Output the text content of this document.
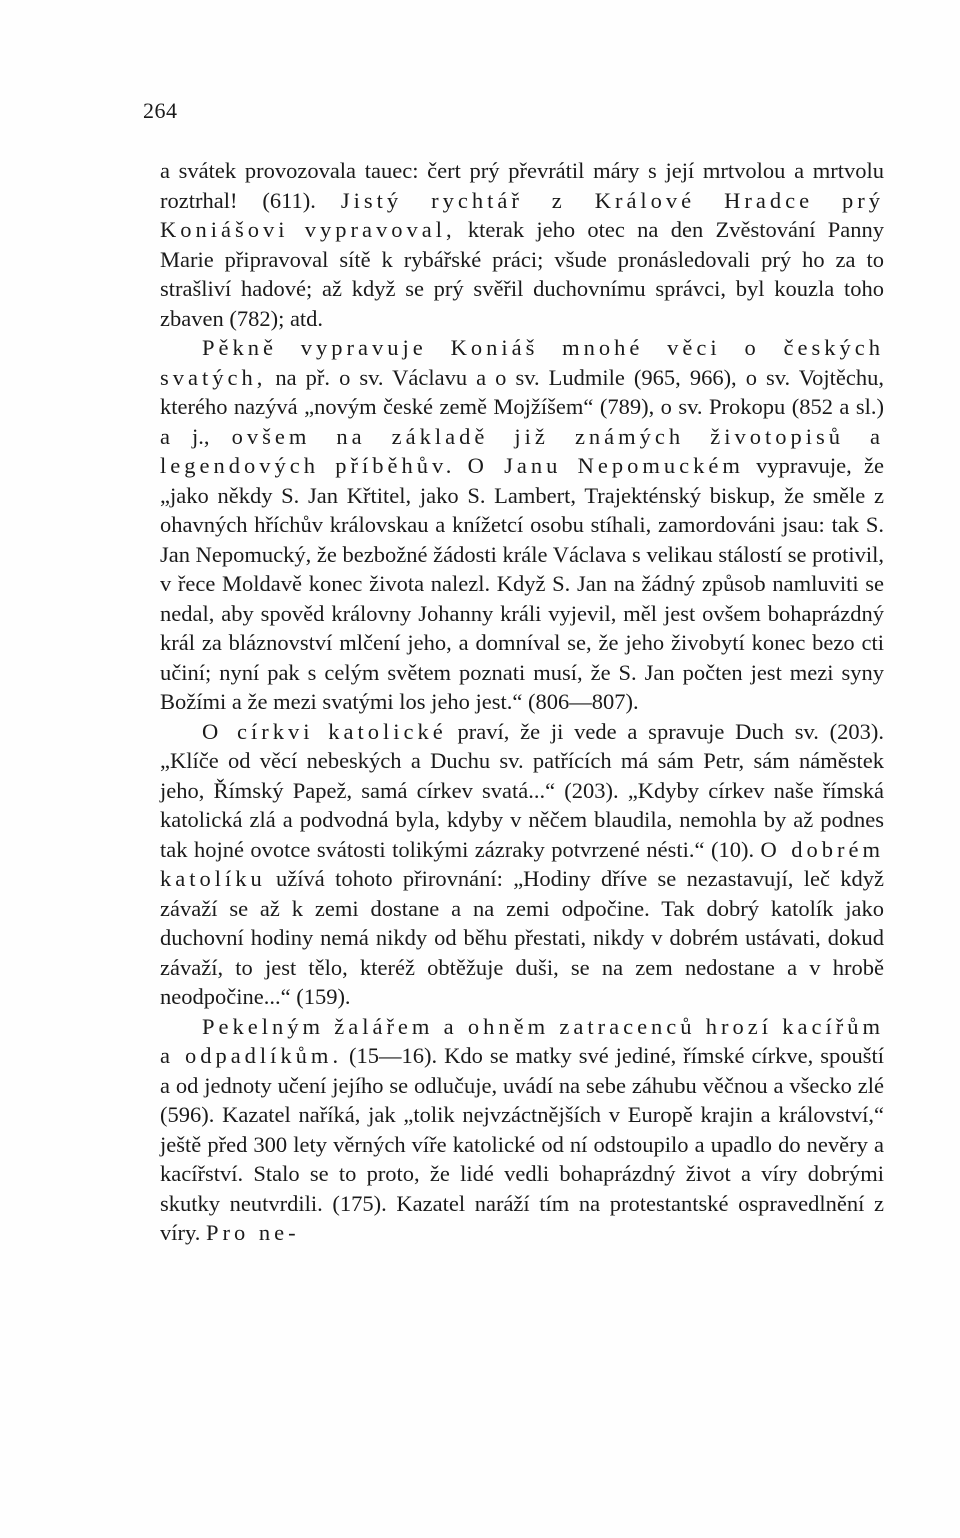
264

a svátek provozovala tauec: čert prý převrátil máry s její mrtvolou a mrtvolu roztrhal! (611). Jistý rychtář z Králové Hradce prý Koniášovi vypravoval, kterak jeho otec na den Zvěstování Panny Marie připravoval sítě k rybářské práci; všude pronásledovali prý ho za to strašliví hadové; až když se prý svěřil duchovnímu správci, byl kouzla toho zbaven (782); atd.

Pěkně vypravuje Koniáš mnohé věci o českých svatých, na př. o sv. Václavu a o sv. Ludmile (965, 966), o sv. Vojtěchu, kterého nazývá „novým české země Mojžíšem“ (789), o sv. Prokopu (852 a sl.) a j., ovšem na základě již známých životopisů a legendových příběhův. O Janu Nepomuckém vypravuje, že „jako někdy S. Jan Křtitel, jako S. Lambert, Trajekténský biskup, že směle z ohavných hříchův královskau a knížetcí osobu stíhali, zamordováni jsau: tak S. Jan Nepomucký, že bezbožné žádosti krále Václava s velikau stálostí se protivil, v řece Moldavě konec života nalezl. Když S. Jan na žádný způsob namluviti se nedal, aby spověd královny Johanny králi vyjevil, měl jest ovšem bohaprázdný král za bláznovství mlčení jeho, a domníval se, že jeho živobytí konec bezo cti učiní; nyní pak s celým světem poznati musí, že S. Jan počten jest mezi syny Božími a že mezi svatými los jeho jest.“ (806—807).

O církvi katolické praví, že ji vede a spravuje Duch sv. (203). „Klíče od věcí nebeských a Duchu sv. patřících má sám Petr, sám náměstek jeho, Římský Papež, samá církev svatá...“ (203). „Kdyby církev naše římská katolická zlá a podvodná byla, kdyby v něčem blaudila, nemohla by až podnes tak hojné ovotce svátosti tolikými zázraky potvrzené nésti.“ (10). O dobrém katolíku užívá tohoto přirovnání: „Hodiny dříve se nezastavují, leč když závaží se až k zemi dostane a na zemi odpočine. Tak dobrý katolík jako duchovní hodiny nemá nikdy od běhu přestati, nikdy v dobrém ustávati, dokud závaží, to jest tělo, kteréž obtěžuje duši, se na zem nedostane a v hrobě neodpočine...“ (159).

Pekelným žalářem a ohněm zatracenců hrozí kacířům a odpadlíkům. (15—16). Kdo se matky své jediné, římské církve, spouští a od jednoty učení jejího se odlučuje, uvádí na sebe záhubu věčnou a všecko zlé (596). Kazatel naříká, jak „tolik nejvzáctnějších v Europě krajin a království,“ ještě před 300 lety věrných víře katolické od ní odstoupilo a upadlo do nevěry a kacířství. Stalo se to proto, že lidé vedli bohaprázdný život a víry dobrými skutky neutvrdili. (175). Kazatel naráží tím na protestantské ospravedlnění z víry. Pro ne-
